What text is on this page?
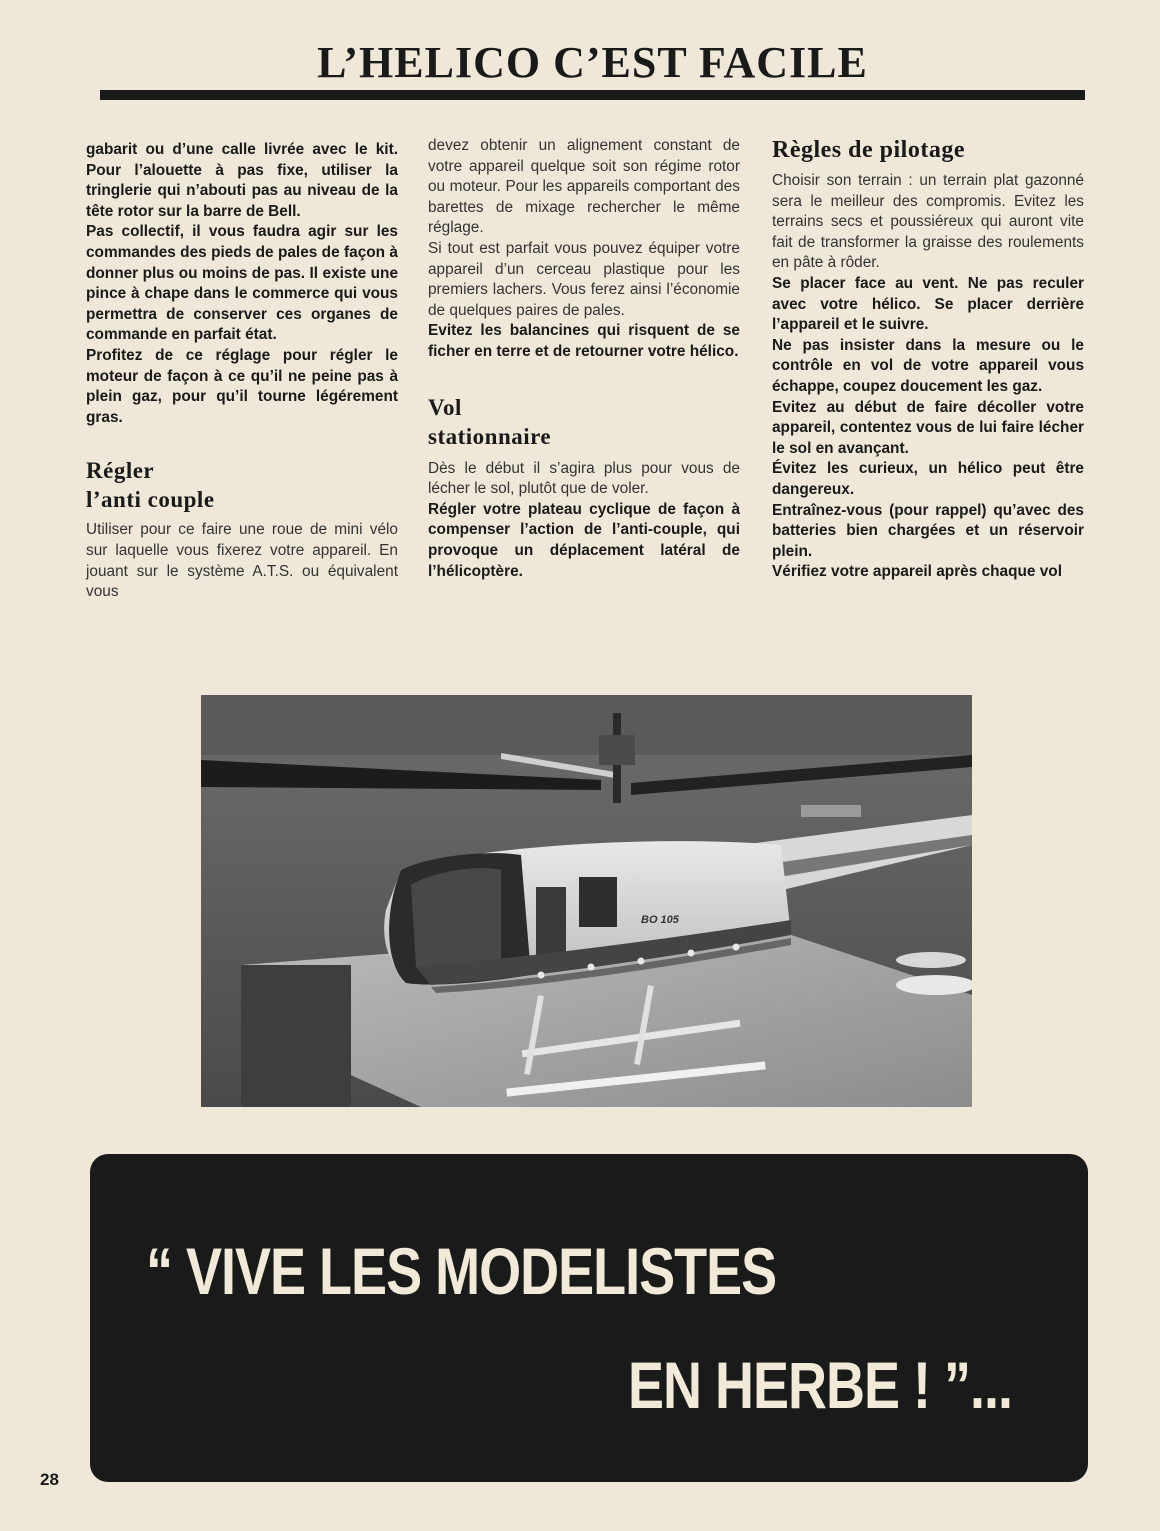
L’HELICO C’EST FACILE

gabarit ou d’une calle livrée avec le kit. Pour l’alouette à pas fixe, utiliser la tringlerie qui n’abouti pas au niveau de la tête rotor sur la barre de Bell.

Pas collectif, il vous faudra agir sur les commandes des pieds de pales de façon à donner plus ou moins de pas. Il existe une pince à chape dans le commerce qui vous permettra de conserver ces organes de commande en parfait état.

Profitez de ce réglage pour régler le moteur de façon à ce qu’il ne peine pas à plein gaz, pour qu’il tourne légérement gras.

Régler
l’anti couple

Utiliser pour ce faire une roue de mini vélo sur laquelle vous fixerez votre appareil. En jouant sur le système A.T.S. ou équivalent vous

devez obtenir un alignement constant de votre appareil quelque soit son régime rotor ou moteur. Pour les appareils comportant des barettes de mixage rechercher le même réglage.

Si tout est parfait vous pouvez équiper votre appareil d’un cerceau plastique pour les premiers lachers. Vous ferez ainsi l’économie de quelques paires de pales.

Evitez les balancines qui risquent de se ficher en terre et de retourner votre hélico.

Vol
stationnaire

Dès le début il s’agira plus pour vous de lécher le sol, plutôt que de voler.

Régler votre plateau cyclique de façon à compenser l’action de l’anti-couple, qui provoque un déplacement latéral de l’hélicoptère.

Règles de pilotage

Choisir son terrain : un terrain plat gazonné sera le meilleur des compromis. Evitez les terrains secs et poussiéreux qui auront vite fait de transformer la graisse des roulements en pâte à rôder.

Se placer face au vent. Ne pas reculer avec votre hélico. Se placer derrière l’appareil et le suivre.

Ne pas insister dans la mesure ou le contrôle en vol de votre appareil vous échappe, coupez doucement les gaz.

Evitez au début de faire décoller votre appareil, contentez vous de lui faire lécher le sol en avançant.

Évitez les curieux, un hélico peut être dangereux.

Entraînez-vous (pour rappel) qu’avec des batteries bien chargées et un réservoir plein.

Vérifiez votre appareil après chaque vol

BO 105
“ VIVE LES MODELISTES
EN HERBE ! ”...
28
